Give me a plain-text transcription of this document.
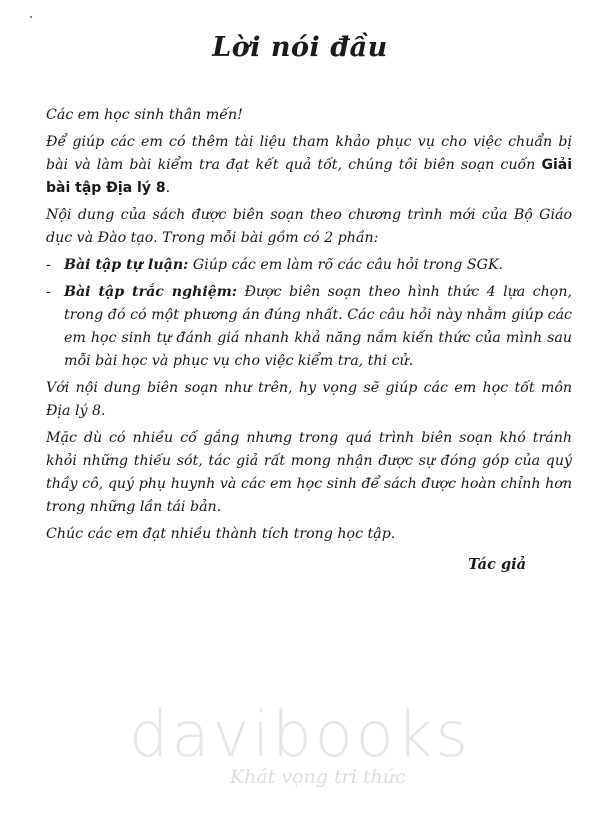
Lời nói đầu

Các em học sinh thân mến!

Để giúp các em có thêm tài liệu tham khảo phục vụ cho việc chuẩn bị bài và làm bài kiểm tra đạt kết quả tốt, chúng tôi biên soạn cuốn Giải bài tập Địa lý 8.

Nội dung của sách được biên soạn theo chương trình mới của Bộ Giáo dục và Đào tạo. Trong mỗi bài gồm có 2 phần:

- Bài tập tự luận: Giúp các em làm rõ các câu hỏi trong SGK.

- Bài tập trắc nghiệm: Được biên soạn theo hình thức 4 lựa chọn, trong đó có một phương án đúng nhất. Các câu hỏi này nhằm giúp các em học sinh tự đánh giá nhanh khả năng nắm kiến thức của mình sau mỗi bài học và phục vụ cho việc kiểm tra, thi cử.

Với nội dung biên soạn như trên, hy vọng sẽ giúp các em học tốt môn Địa lý 8.

Mặc dù có nhiều cố gắng nhưng trong quá trình biên soạn khó tránh khỏi những thiếu sót, tác giả rất mong nhận được sự đóng góp của quý thầy cô, quý phụ huynh và các em học sinh để sách được hoàn chỉnh hơn trong những lần tái bản.

Chúc các em đạt nhiều thành tích trong học tập.

Tác giả
davibooks
Khát vọng tri thức
